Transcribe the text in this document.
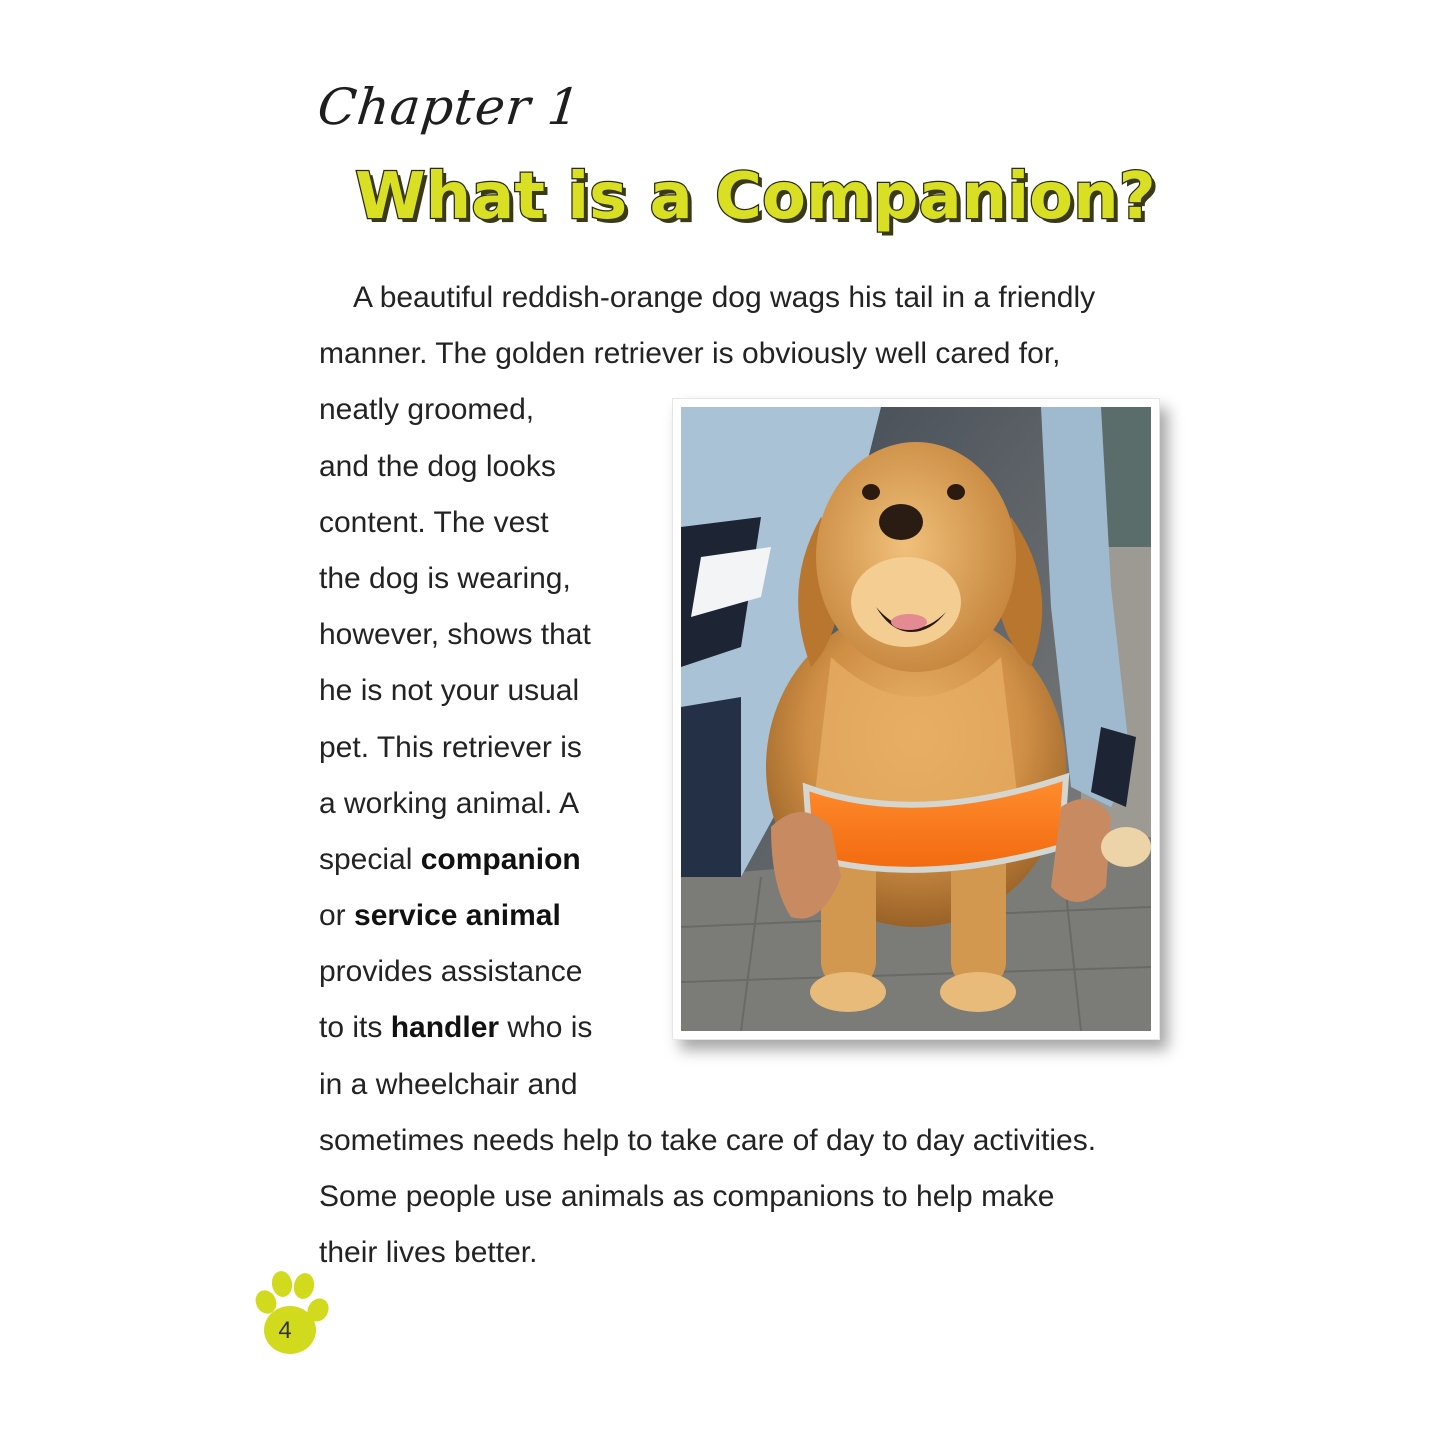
Chapter 1

What is a Companion?
A beautiful reddish-orange dog wags his tail in a friendly
manner. The golden retriever is obviously well cared for,
neatly groomed,
and the dog looks
content. The vest
the dog is wearing,
however, shows that
he is not your usual
pet. This retriever is
a working animal. A
special companion
or service animal
provides assistance
to its handler who is
in a wheelchair and
sometimes needs help to take care of day to day activities.
Some people use animals as companions to help make
their lives better.

4
